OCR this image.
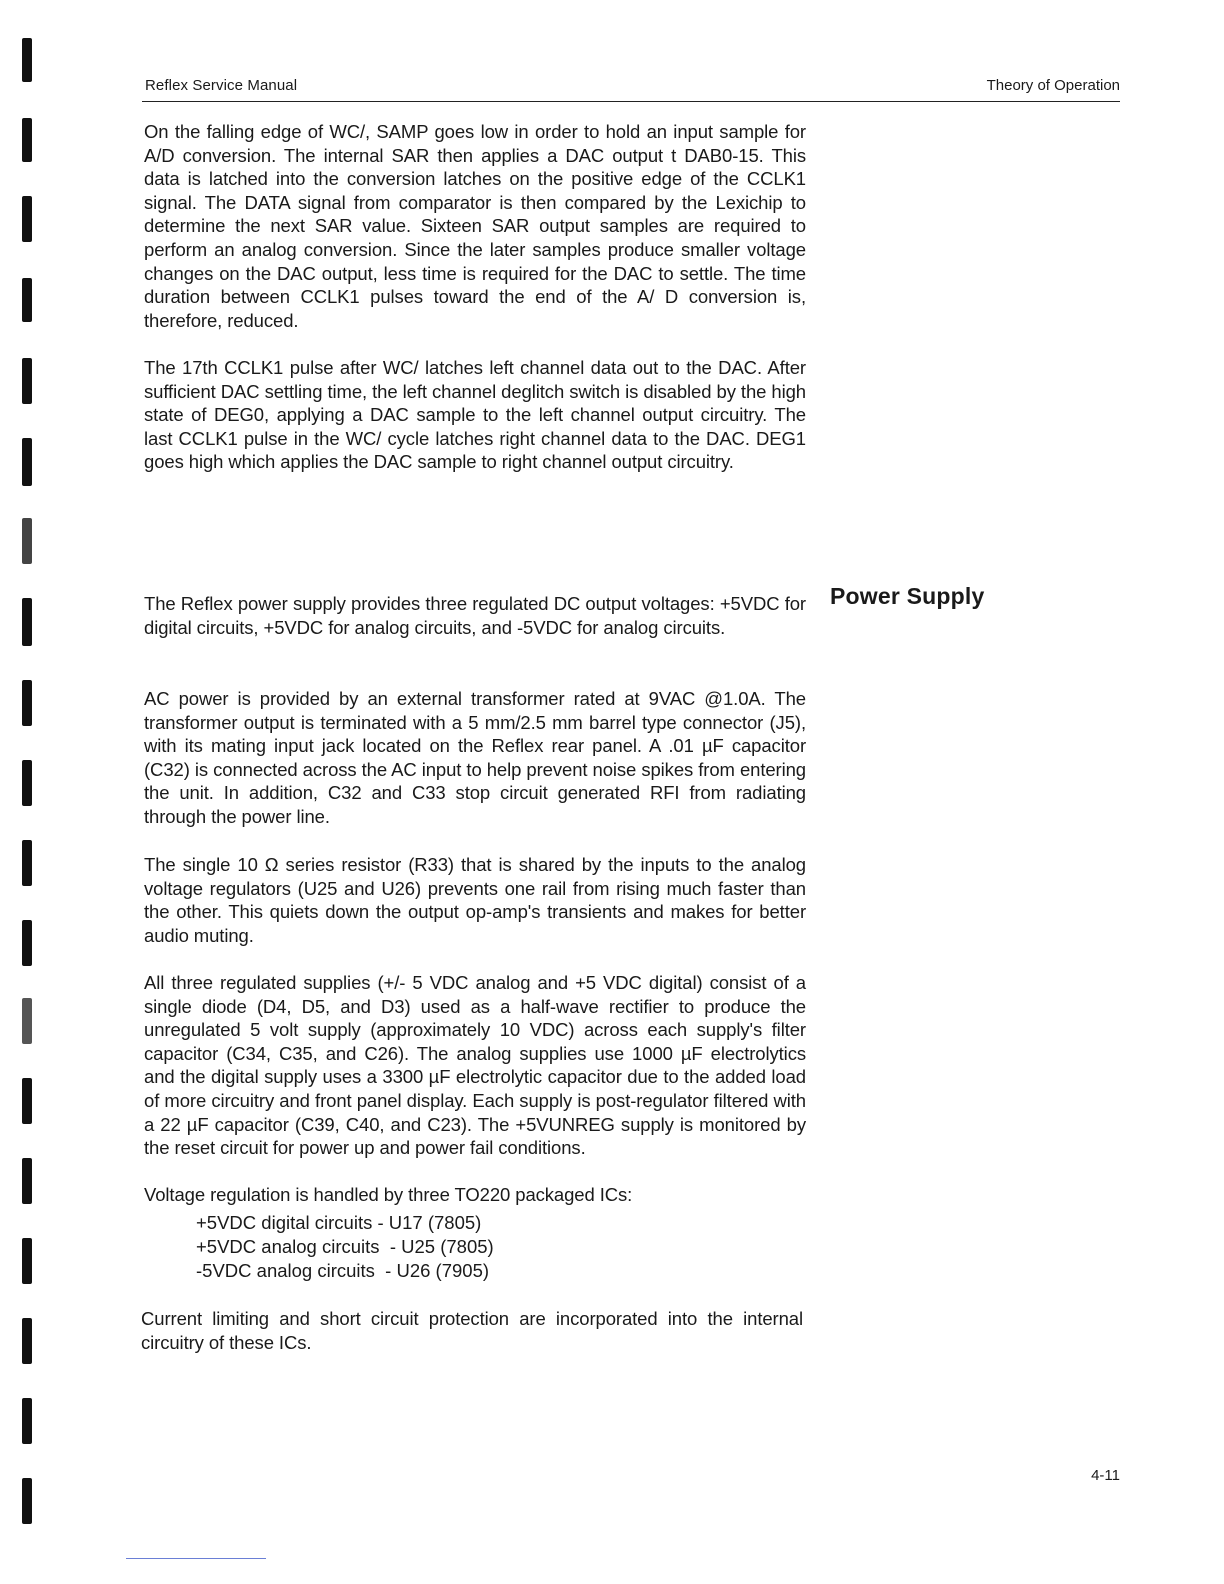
Reflex Service Manual	Theory of Operation

On the falling edge of WC/, SAMP goes low in order to hold an input sample for A/D conversion. The internal SAR then applies a DAC output t DAB0-15. This data is latched into the conversion latches on the positive edge of the CCLK1 signal. The DATA signal from comparator is then compared by the Lexichip to determine the next SAR value. Sixteen SAR output samples are required to perform an analog conversion. Since the later samples produce smaller voltage changes on the DAC output, less time is required for the DAC to settle. The time duration between CCLK1 pulses toward the end of the A/ D conversion is, therefore, reduced.

The 17th CCLK1 pulse after WC/ latches left channel data out to the DAC. After sufficient DAC settling time, the left channel deglitch switch is disabled by the high state of DEG0, applying a DAC sample to the left channel output circuitry. The last CCLK1 pulse in the WC/ cycle latches right channel data to the DAC. DEG1 goes high which applies the DAC sample to right channel output circuitry.

Power Supply

The Reflex power supply provides three regulated DC output voltages: +5VDC for digital circuits, +5VDC for analog circuits, and -5VDC for analog circuits.

AC power is provided by an external transformer rated at 9VAC @1.0A. The transformer output is terminated with a 5 mm/2.5 mm barrel type connector (J5), with its mating input jack located on the Reflex rear panel. A .01 µF capacitor (C32) is connected across the AC input to help prevent noise spikes from entering the unit. In addition, C32 and C33 stop circuit generated RFI from radiating through the power line.

The single 10 Ω series resistor (R33) that is shared by the inputs to the analog voltage regulators (U25 and U26) prevents one rail from rising much faster than the other. This quiets down the output op-amp's transients and makes for better audio muting.

All three regulated supplies (+/- 5 VDC analog and +5 VDC digital) consist of a single diode (D4, D5, and D3) used as a half-wave rectifier to produce the unregulated 5 volt supply (approximately 10 VDC) across each supply's filter capacitor (C34, C35, and C26). The analog supplies use 1000 µF electrolytics and the digital supply uses a 3300 µF electrolytic capacitor due to the added load of more circuitry and front panel display. Each supply is post-regulator filtered with a 22 µF capacitor (C39, C40, and C23). The +5VUNREG supply is monitored by the reset circuit for power up and power fail conditions.

Voltage regulation is handled by three TO220 packaged ICs:

+5VDC digital circuits - U17 (7805)
+5VDC analog circuits  - U25 (7805)
-5VDC analog circuits  - U26 (7905)

Current limiting and short circuit protection are incorporated into the internal circuitry of these ICs.

4-11
